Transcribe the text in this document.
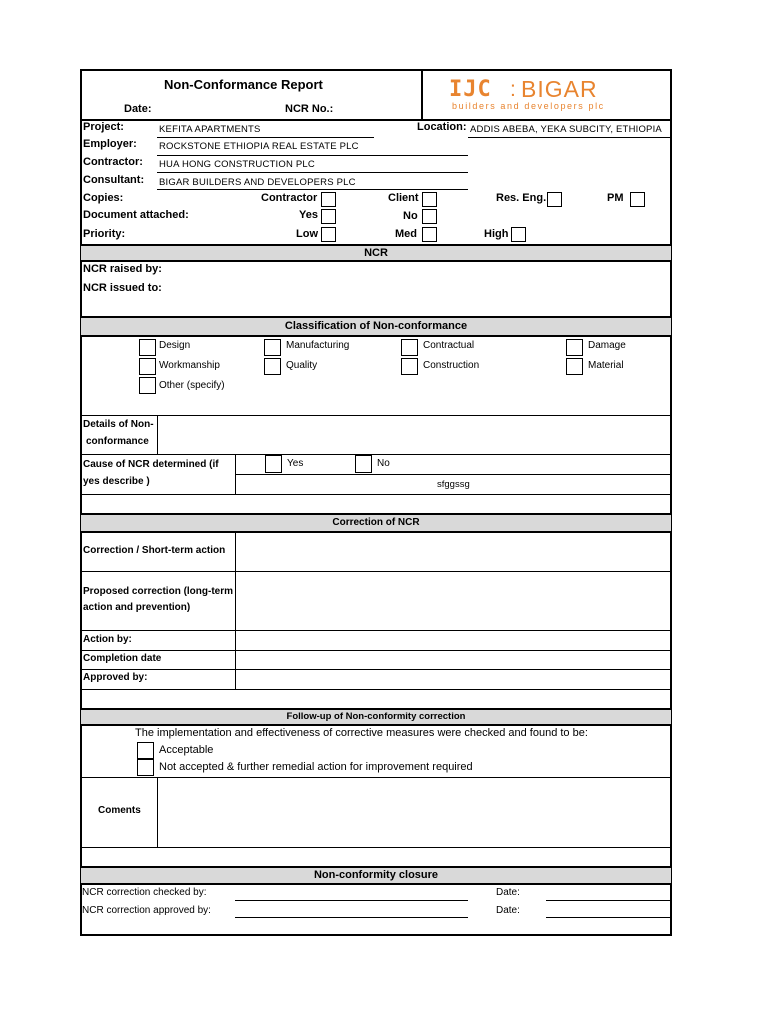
Non-Conformance Report
Date:	NCR No.:
IJC : BIGAR
builders and developers plc
Project:	KEFITA APARTMENTS	Location: ADDIS ABEBA, YEKA SUBCITY, ETHIOPIA
Employer: ROCKSTONE ETHIOPIA REAL ESTATE PLC
Contractor: HUA HONG CONSTRUCTION PLC
Consultant: BIGAR BUILDERS AND DEVELOPERS PLC
Copies:	Contractor	Client	Res. Eng.	PM
Document attached:	Yes	No
Priority:	Low	Med	High
NCR
NCR raised by:
NCR issued to:
Classification of Non-conformance
Design	Manufacturing	Contractual	Damage
Workmanship	Quality	Construction	Material
Other (specify)
Details of Non-
conformance
Cause of NCR determined (if
yes describe )
Yes	No
sfggssg
Correction of NCR
Correction / Short-term action
Proposed correction (long-term
action and prevention)
Action by:
Completion date
Approved by:
Follow-up of Non-conformity correction
The implementation and effectiveness of corrective measures were checked and found to be:
Acceptable
Not accepted & further remedial action for improvement required
Coments
Non-conformity closure
NCR correction checked by:	Date:
NCR correction approved by:	Date:
